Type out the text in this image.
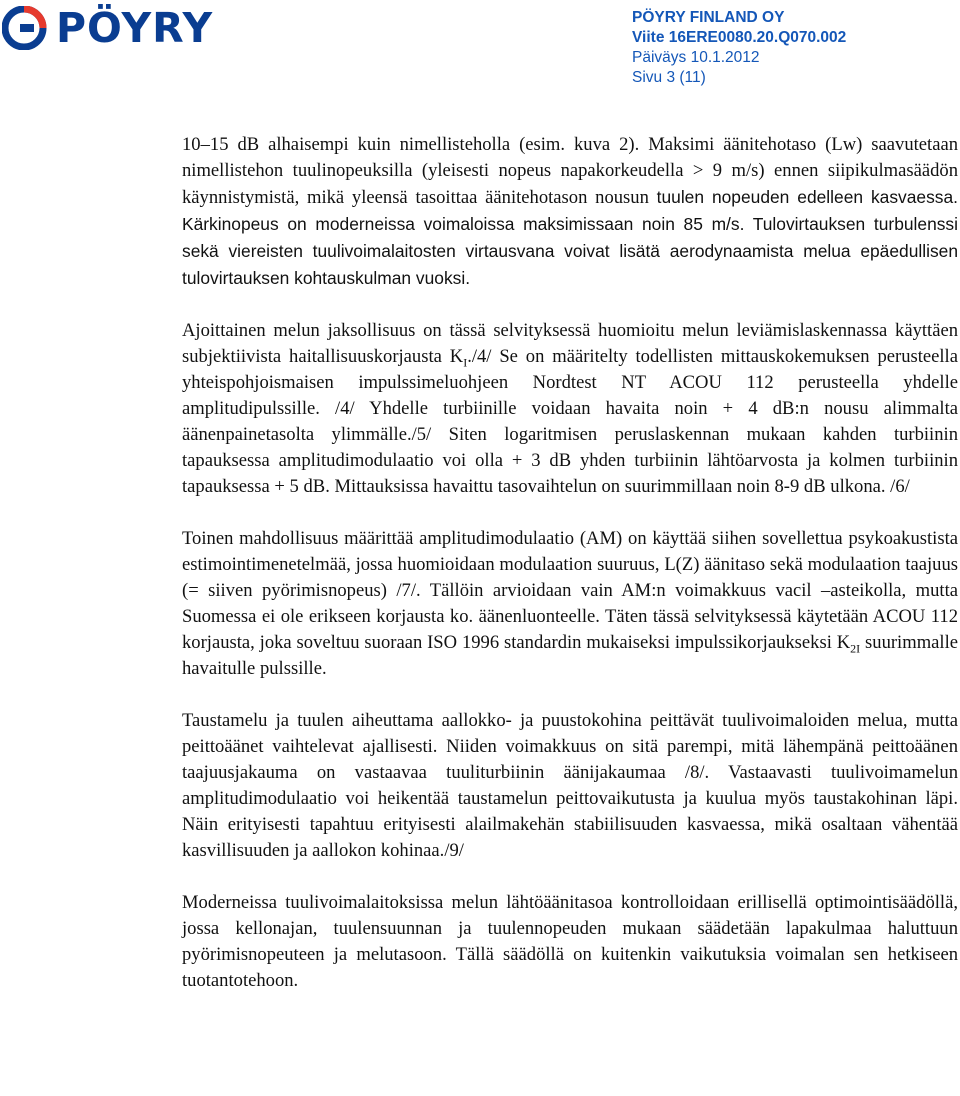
PÖYRY	PÖYRY FINLAND OY
Viite 16ERE0080.20.Q070.002
Päiväys 10.1.2012
Sivu 3 (11)

10–15 dB alhaisempi kuin nimellisteholla (esim. kuva 2). Maksimi äänitehotaso (Lw) saavutetaan nimellistehon tuulinopeuksilla (yleisesti nopeus napakorkeudella > 9 m/s) ennen siipikulmasäädön käynnistymistä, mikä yleensä tasoittaa äänitehotason nousun tuulen nopeuden edelleen kasvaessa. Kärkinopeus on moderneissa voimaloissa maksimissaan noin 85 m/s. Tulovirtauksen turbulenssi sekä viereisten tuulivoimalaitosten virtausvana voivat lisätä aerodynaamista melua epäedullisen tulovirtauksen kohtauskulman vuoksi.

Ajoittainen melun jaksollisuus on tässä selvityksessä huomioitu melun leviämislaskennassa käyttäen subjektiivista haitallisuuskorjausta $K_I./4/$ Se on määritelty todellisten mittauskokemuksen perusteella yhteispohjoismaisen impulssimeluohjeen Nordtest NT ACOU 112 perusteella yhdelle amplitudipulssille. /4/ Yhdelle turbiinille voidaan havaita noin + 4 dB:n nousu alimmalta äänenpainetasolta ylimmälle./5/ Siten logaritmisen peruslaskennan mukaan kahden turbiinin tapauksessa amplitudimodulaatio voi olla + 3 dB yhden turbiinin lähtöarvosta ja kolmen turbiinin tapauksessa + 5 dB. Mittauksissa havaittu tasovaihtelun on suurimmillaan noin 8-9 dB ulkona. /6/

Toinen mahdollisuus määrittää amplitudimodulaatio (AM) on käyttää siihen sovellettua psykoakustista estimointimenetelmää, jossa huomioidaan modulaation suuruus, L(Z) äänitaso sekä modulaation taajuus (= siiven pyörimisnopeus) /7/. Tällöin arvioidaan vain AM:n voimakkuus vacil –asteikolla, mutta Suomessa ei ole erikseen korjausta ko. äänenluonteelle. Täten tässä selvityksessä käytetään ACOU 112 korjausta, joka soveltuu suoraan ISO 1996 standardin mukaiseksi impulssikorjaukseksi $K_{2I}$ suurimmalle havaitulle pulssille.

Taustamelu ja tuulen aiheuttama aallokko- ja puustokohina peittävät tuulivoimaloiden melua, mutta peittoäänet vaihtelevat ajallisesti. Niiden voimakkuus on sitä parempi, mitä lähempänä peittoäänen taajuusjakauma on vastaavaa tuuliturbiinin äänijakaumaa /8/. Vastaavasti tuulivoimamelun amplitudimodulaatio voi heikentää taustamelun peittovaikutusta ja kuulua myös taustakohinan läpi. Näin erityisesti tapahtuu erityisesti alailmakehän stabiilisuuden kasvaessa, mikä osaltaan vähentää kasvillisuuden ja aallokon kohinaa./9/

Moderneissa tuulivoimalaitoksissa melun lähtöäänitasoa kontrolloidaan erillisellä optimointisäädöllä, jossa kellonajan, tuulensuunnan ja tuulennopeuden mukaan säädetään lapakulmaa haluttuun pyörimisnopeuteen ja melutasoon. Tällä säädöllä on kuitenkin vaikutuksia voimalan sen hetkiseen tuotantotehoon.
